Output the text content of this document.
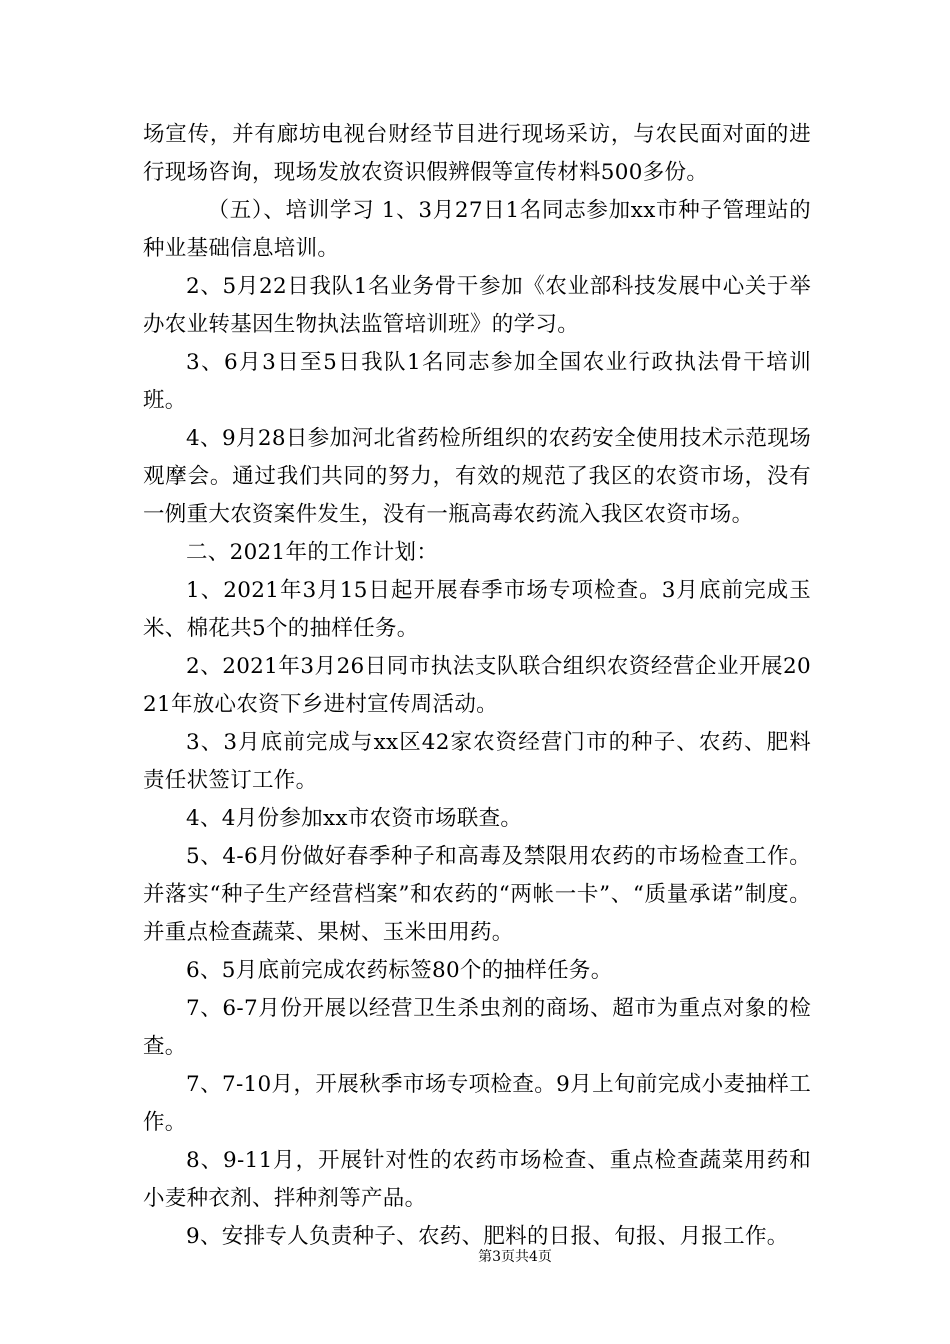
场宣传，并有廊坊电视台财经节目进行现场采访，与农民面对面的进行现场咨询，现场发放农资识假辨假等宣传材料500多份。

（五）、培训学习 1、3月27日1名同志参加xx市种子管理站的种业基础信息培训。

2、5月22日我队1名业务骨干参加《农业部科技发展中心关于举办农业转基因生物执法监管培训班》的学习。

3、6月3日至5日我队1名同志参加全国农业行政执法骨干培训班。

4、9月28日参加河北省药检所组织的农药安全使用技术示范现场观摩会。通过我们共同的努力，有效的规范了我区的农资市场，没有一例重大农资案件发生，没有一瓶高毒农药流入我区农资市场。

二、2021年的工作计划：

1、2021年3月15日起开展春季市场专项检查。3月底前完成玉米、棉花共5个的抽样任务。

2、2021年3月26日同市执法支队联合组织农资经营企业开展2021年放心农资下乡进村宣传周活动。

3、3月底前完成与xx区42家农资经营门市的种子、农药、肥料责任状签订工作。

4、4月份参加xx市农资市场联查。

5、4-6月份做好春季种子和高毒及禁限用农药的市场检查工作。并落实“种子生产经营档案”和农药的“两帐一卡”、“质量承诺”制度。并重点检查蔬菜、果树、玉米田用药。

6、5月底前完成农药标签80个的抽样任务。

7、6-7月份开展以经营卫生杀虫剂的商场、超市为重点对象的检查。

7、7-10月，开展秋季市场专项检查。9月上旬前完成小麦抽样工作。

8、9-11月，开展针对性的农药市场检查、重点检查蔬菜用药和小麦种衣剂、拌种剂等产品。

9、安排专人负责种子、农药、肥料的日报、旬报、月报工作。

第3页共4页
